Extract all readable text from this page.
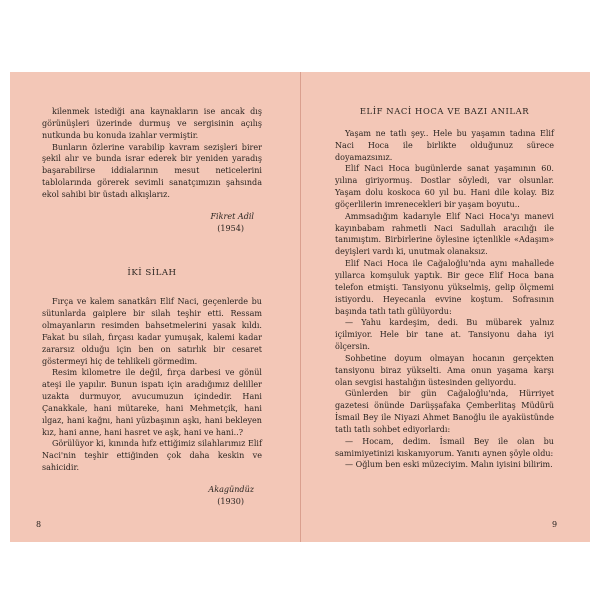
kilenmek istediği ana kaynakların ise ancak dış görünüşleri üzerinde durmuş ve sergisinin açılış nutkunda bu konuda izahlar vermiştir.

Bunların özlerine varabilip kavram sezişleri birer şekil alır ve bunda israr ederek bir yeniden yaradış başarabilirse iddialarının mesut neticelerini tablolarında görerek sevimli sanatçımızın şahsında ekol sahibi bir üstadı alkışlarız.

Fikret Adil

(1954)

İKİ SİLAH

Fırça ve kalem sanatkârı Elif Naci, geçenlerde bu sütunlarda gaiplere bir silah teşhir etti. Ressam olmayanların resimden bahsetmelerini yasak kıldı. Fakat bu silah, fırçası kadar yumuşak, kalemi kadar zararsız olduğu için ben on satırlık bir cesaret göstermeyi hiç de tehlikeli görmedim.

Resim kilometre ile değil, fırça darbesi ve gönül ateşi ile yapılır. Bunun ispatı için aradığımız deliller uzakta durmuyor, avucumuzun içindedir. Hani Çanakkale, hani mütareke, hani Mehmetçik, hani ılgaz, hani kağnı, hani yüzbaşının aşkı, hani bekleyen kız, hani anne, hani hasret ve aşk, hani ve hani..?

Görülüyor ki, kınında hıfz ettiğimiz silahlarımız Elif Naci'nin teşhir ettiğinden çok daha keskin ve sahicidir.

Akagündüz

(1930)

8

ELİF NACİ HOCA VE BAZI ANILAR

Yaşam ne tatlı şey.. Hele bu yaşamın tadına Elif Naci Hoca ile birlikte olduğunuz sürece doyamazsınız.

Elif Naci Hoca bugünlerde sanat yaşamının 60. yılına giriyormuş. Dostlar söyledi, var olsunlar. Yaşam dolu koskoca 60 yıl bu. Hani dile kolay. Biz göçerlilerin imrenecekleri bir yaşam boyutu..

Ammsadığım kadarıyle Elif Naci Hoca'yı manevi kayınbabam rahmetli Naci Sadullah aracılığı ile tanımıştım. Birbirlerine öylesine içtenlikle «Adaşım» deyişleri vardı ki, unutmak olanaksız.

Elif Naci Hoca ile Cağaloğlu'nda aynı mahallede yıllarca komşuluk yaptık. Bir gece Elif Hoca bana telefon etmişti. Tansiyonu yükselmiş, gelip ölçmemi istiyordu. Heyecanla evvine koştum. Sofrasının başında tatlı tatlı gülüyordu:

— Yahu kardeşim, dedi. Bu mübarek yalnız içilmiyor. Hele bir tane at. Tansiyonu daha iyi ölçersin.

Sohbetine doyum olmayan hocanın gerçekten tansiyonu biraz yükselti. Ama onun yaşama karşı olan sevgisi hastalığın üstesinden geliyordu.

Günlerden bir gün Cağaloğlu'nda, Hürriyet gazetesi önünde Darüşşafaka Çemberlitaş Müdürü İsmail Bey ile Niyazi Ahmet Banoğlu ile ayaküstünde tatlı tatlı sohbet ediyorlardı:

— Hocam, dedim. İsmail Bey ile olan bu samimiyetinizi kıskanıyorum. Yanıtı aynen şöyle oldu:

— Oğlum ben eski müzeciyim. Malın iyisini bilirim.

9
